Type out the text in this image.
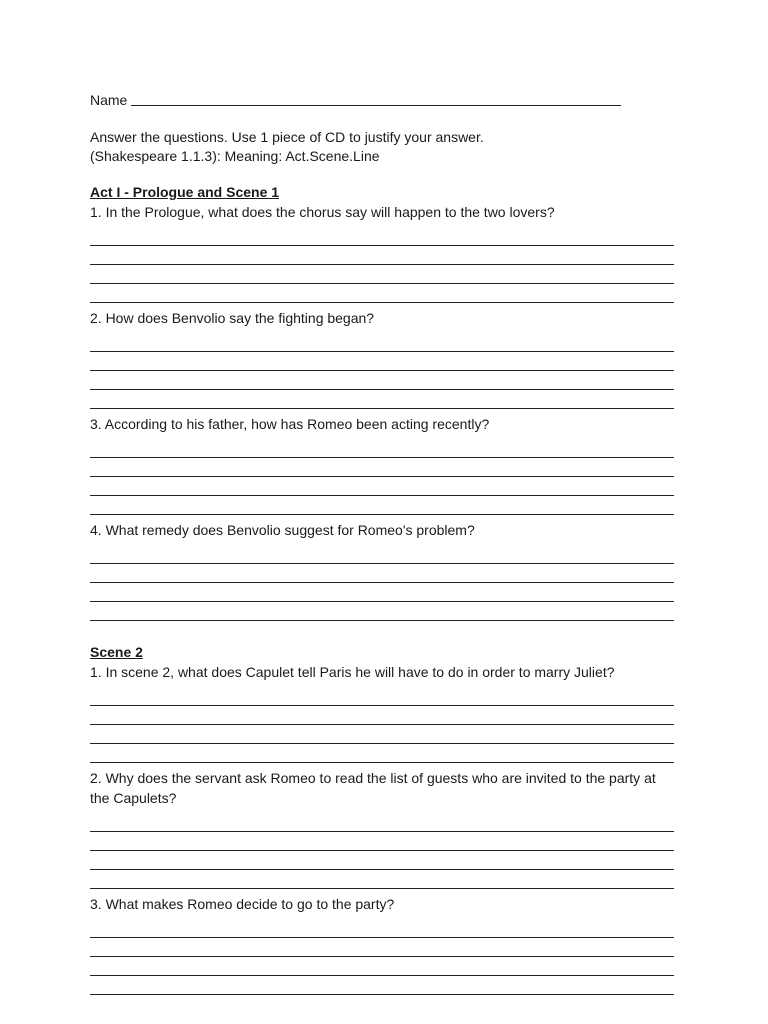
Name
Answer the questions. Use 1 piece of CD to justify your answer.
(Shakespeare 1.1.3): Meaning: Act.Scene.Line
Act I - Prologue and Scene 1
1. In the Prologue, what does the chorus say will happen to the two lovers?
2. How does Benvolio say the fighting began?
3. According to his father, how has Romeo been acting recently?
4. What remedy does Benvolio suggest for Romeo's problem?
Scene 2
1. In scene 2, what does Capulet tell Paris he will have to do in order to marry Juliet?
2. Why does the servant ask Romeo to read the list of guests who are invited to the party at the Capulets?
3. What makes Romeo decide to go to the party?
